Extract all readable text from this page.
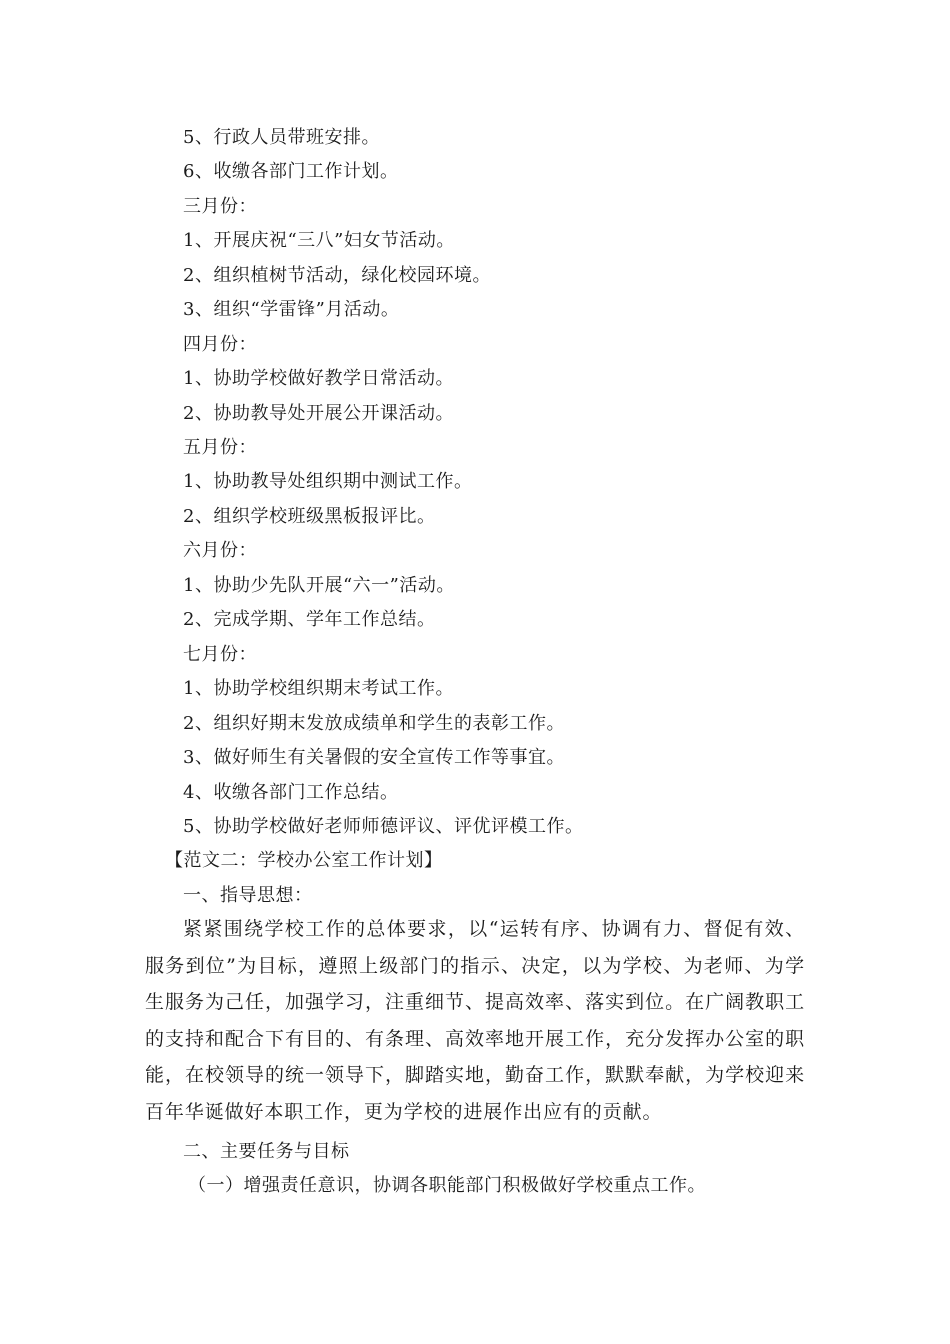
5、行政人员带班安排。
6、收缴各部门工作计划。
三月份：
1、开展庆祝“三八”妇女节活动。
2、组织植树节活动，绿化校园环境。
3、组织“学雷锋”月活动。
四月份：
1、协助学校做好教学日常活动。
2、协助教导处开展公开课活动。
五月份：
1、协助教导处组织期中测试工作。
2、组织学校班级黑板报评比。
六月份：
1、协助少先队开展“六一”活动。
2、完成学期、学年工作总结。
七月份：
1、协助学校组织期末考试工作。
2、组织好期末发放成绩单和学生的表彰工作。
3、做好师生有关暑假的安全宣传工作等事宜。
4、收缴各部门工作总结。
5、协助学校做好老师师德评议、评优评模工作。
【范文二：学校办公室工作计划】
一、指导思想：
紧紧围绕学校工作的总体要求，以“运转有序、协调有力、督促有效、服务到位”为目标，遵照上级部门的指示、决定，以为学校、为老师、为学生服务为己任，加强学习，注重细节、提高效率、落实到位。在广阔教职工的支持和配合下有目的、有条理、高效率地开展工作，充分发挥办公室的职能，在校领导的统一领导下，脚踏实地，勤奋工作，默默奉献，为学校迎来百年华诞做好本职工作，更为学校的进展作出应有的贡献。
二、主要任务与目标
（一）增强责任意识，协调各职能部门积极做好学校重点工作。
